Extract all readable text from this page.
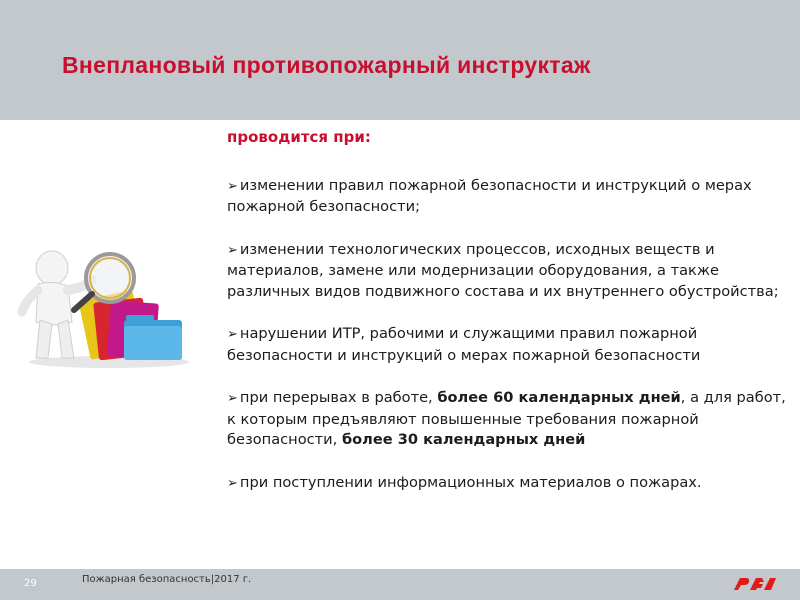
Внеплановый противопожарный инструктаж
проводится при:
➢ изменении правил пожарной безопасности и инструкций о мерах пожарной безопасности;
➢ изменении технологических процессов, исходных веществ и материалов, замене или модернизации оборудования, а также различных видов подвижного состава и их внутреннего обустройства;
➢ нарушении ИТР, рабочими и служащими правил пожарной безопасности и инструкций о мерах пожарной безопасности
➢ при перерывах в работе, более 60 календарных дней, а для работ, к которым предъявляют повышенные требования пожарной безопасности, более 30 календарных дней
➢ при поступлении информационных материалов о пожарах.
29	Пожарная безопасность|2017 г.
